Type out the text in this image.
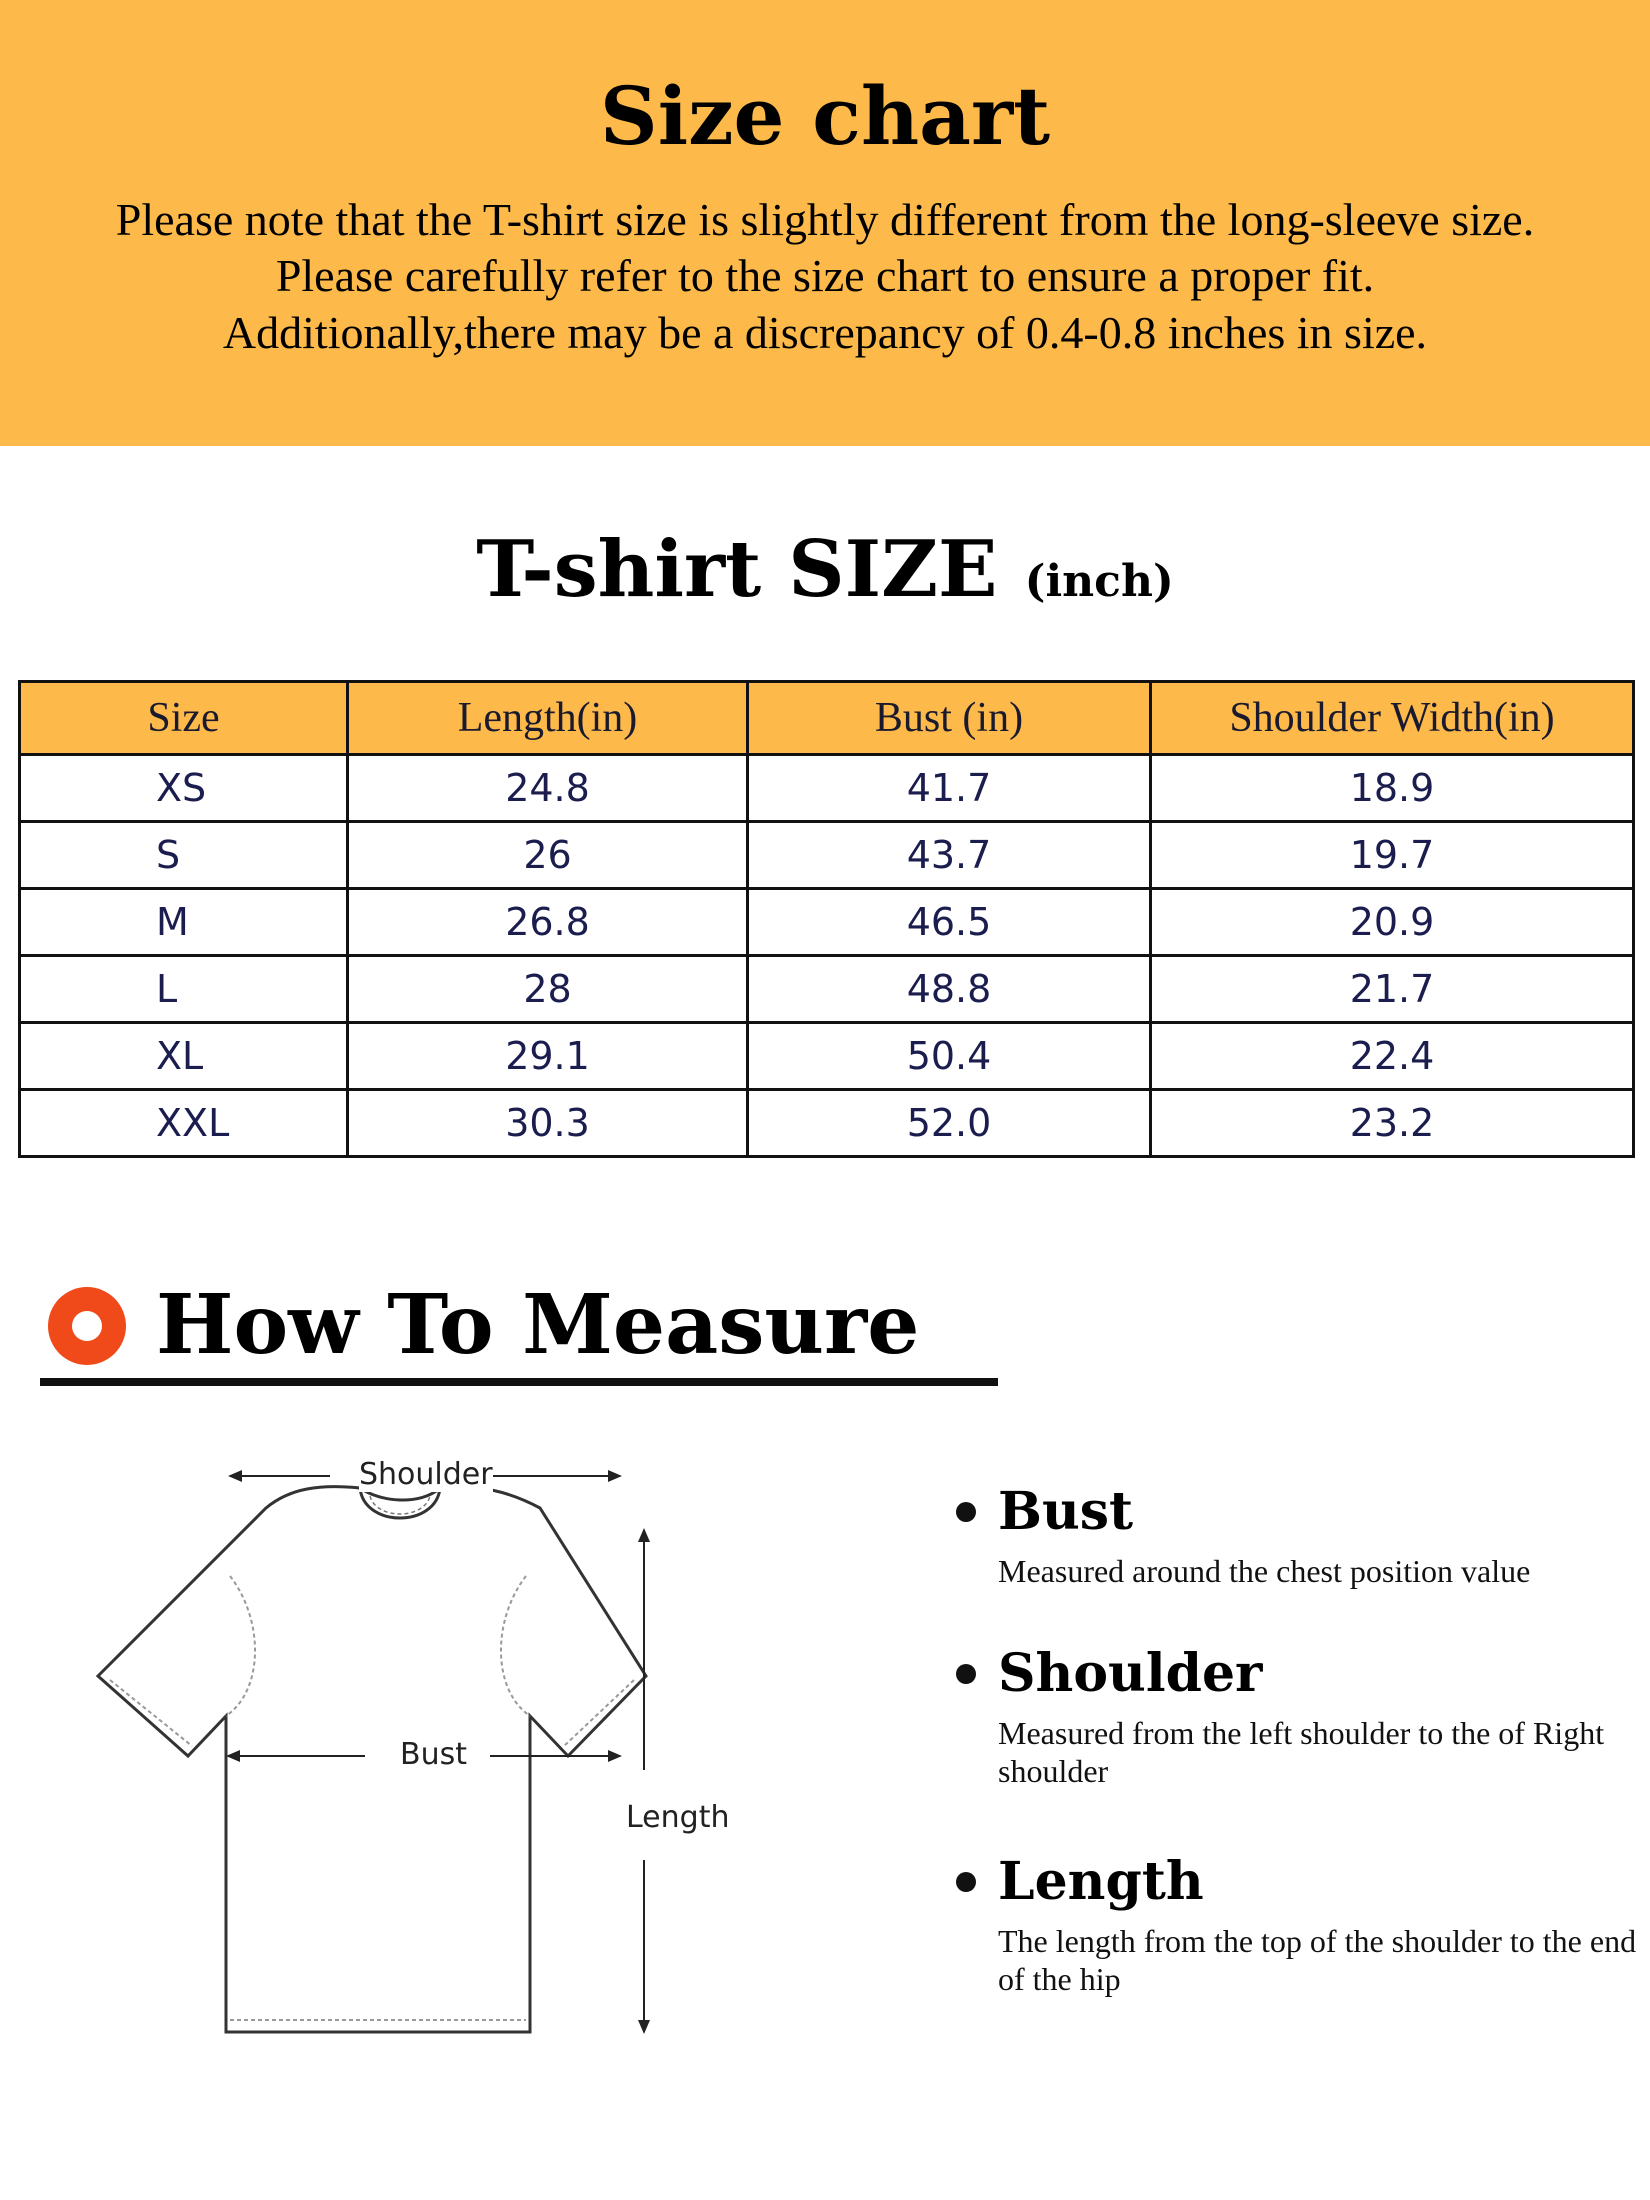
Size chart
Please note that the T-shirt size is slightly different from the long-sleeve size.
Please carefully refer to the size chart to ensure a proper fit.
Additionally,there may be a discrepancy of 0.4-0.8 inches in size.
T-shirt SIZE (inch)
Size	Length(in)	Bust (in)	Shoulder Width(in)
XS	24.8	41.7	18.9
S	26	43.7	19.7
M	26.8	46.5	20.9
L	28	48.8	21.7
XL	29.1	50.4	22.4
XXL	30.3	52.0	23.2
How To Measure
Shoulder
Bust
Length
Bust
Measured around the chest position value
Shoulder
Measured from the left shoulder to the of Right shoulder
Length
The length from the top of the shoulder to the end of the hip
